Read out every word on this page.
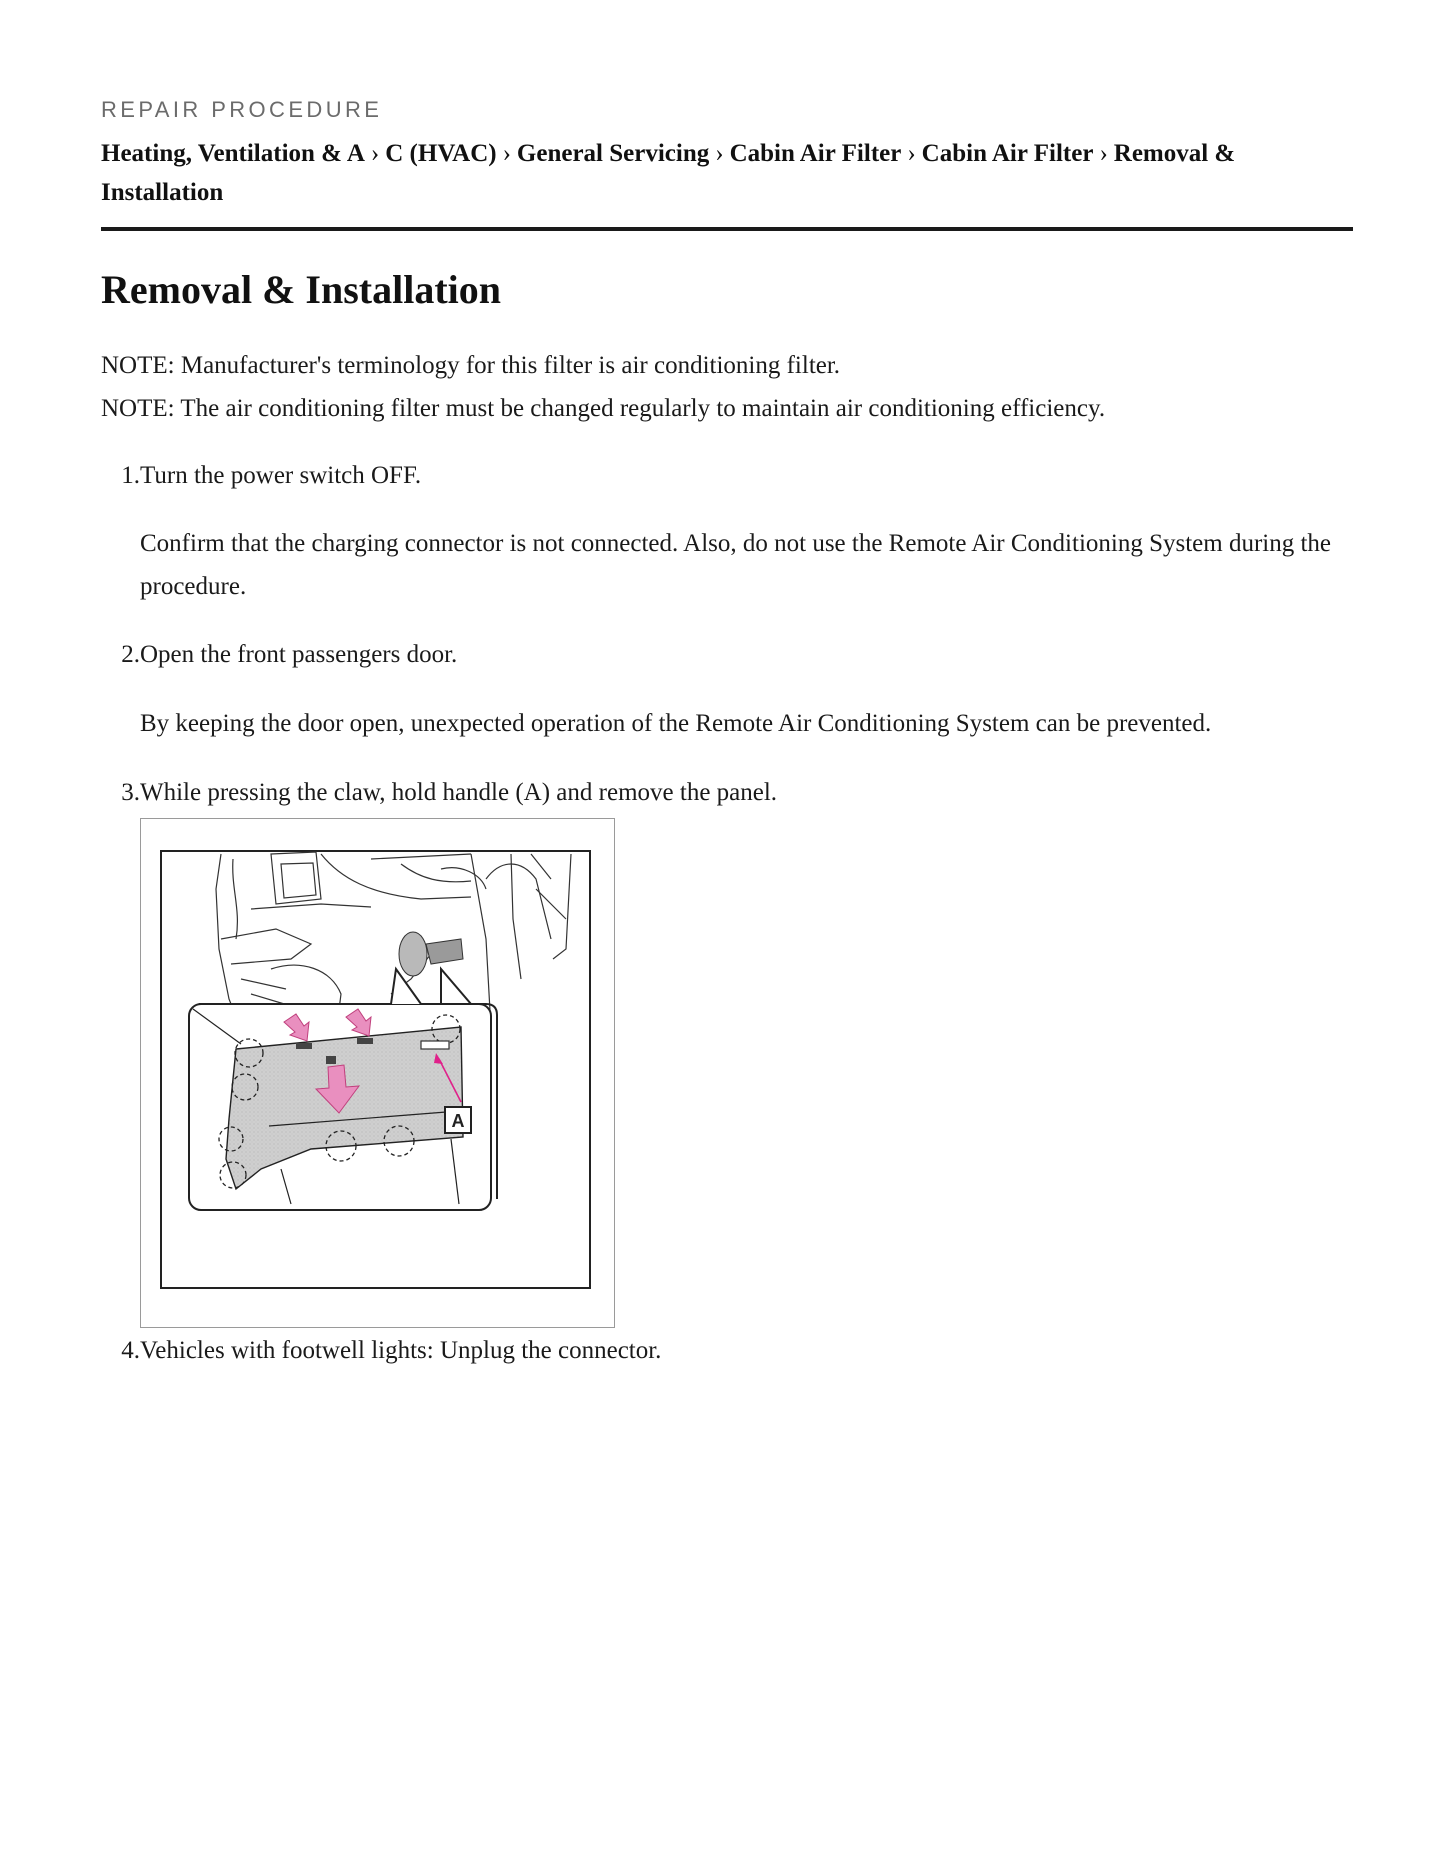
REPAIR PROCEDURE
Heating, Ventilation & A › C (HVAC) › General Servicing › Cabin Air Filter › Cabin Air Filter › Removal & Installation
Removal & Installation

NOTE: Manufacturer's terminology for this filter is air conditioning filter.

NOTE: The air conditioning filter must be changed regularly to maintain air conditioning efficiency.

1. Turn the power switch OFF.

Confirm that the charging connector is not connected. Also, do not use the Remote Air Conditioning System during the procedure.

2. Open the front passengers door.

By keeping the door open, unexpected operation of the Remote Air Conditioning System can be prevented.

3. While pressing the claw, hold handle (A) and remove the panel.
A
4. Vehicles with footwell lights: Unplug the connector.
